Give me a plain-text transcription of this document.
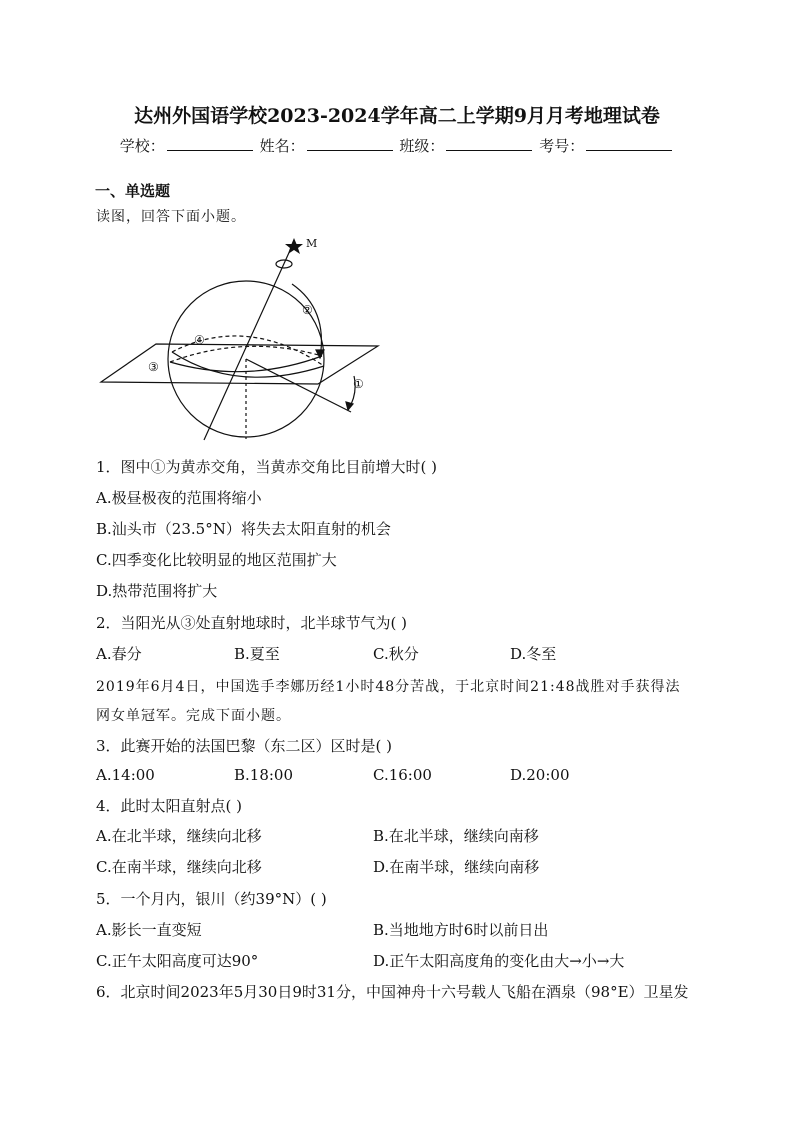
达州外国语学校2023-2024学年高二上学期9月月考地理试卷
学校：	姓名：	班级：	考号：
一、单选题
读图，回答下面小题。
M
②
④
③
①
1．图中①为黄赤交角，当黄赤交角比目前增大时( )
A.极昼极夜的范围将缩小
B.汕头市（23.5°N）将失去太阳直射的机会
C.四季变化比较明显的地区范围扩大
D.热带范围将扩大
2．当阳光从③处直射地球时，北半球节气为( )
A.春分	B.夏至	C.秋分	D.冬至
2019年6月4日，中国选手李娜历经1小时48分苦战，于北京时间21:48战胜对手获得法
网女单冠军。完成下面小题。
3．此赛开始的法国巴黎（东二区）区时是( )
A.14:00	B.18:00	C.16:00	D.20:00
4．此时太阳直射点( )
A.在北半球，继续向北移	B.在北半球，继续向南移
C.在南半球，继续向北移	D.在南半球，继续向南移
5．一个月内，银川（约39°N）( )
A.影长一直变短	B.当地地方时6时以前日出
C.正午太阳高度可达90°	D.正午太阳高度角的变化由大→小→大
6．北京时间2023年5月30日9时31分，中国神舟十六号载人飞船在酒泉（98°E）卫星发
